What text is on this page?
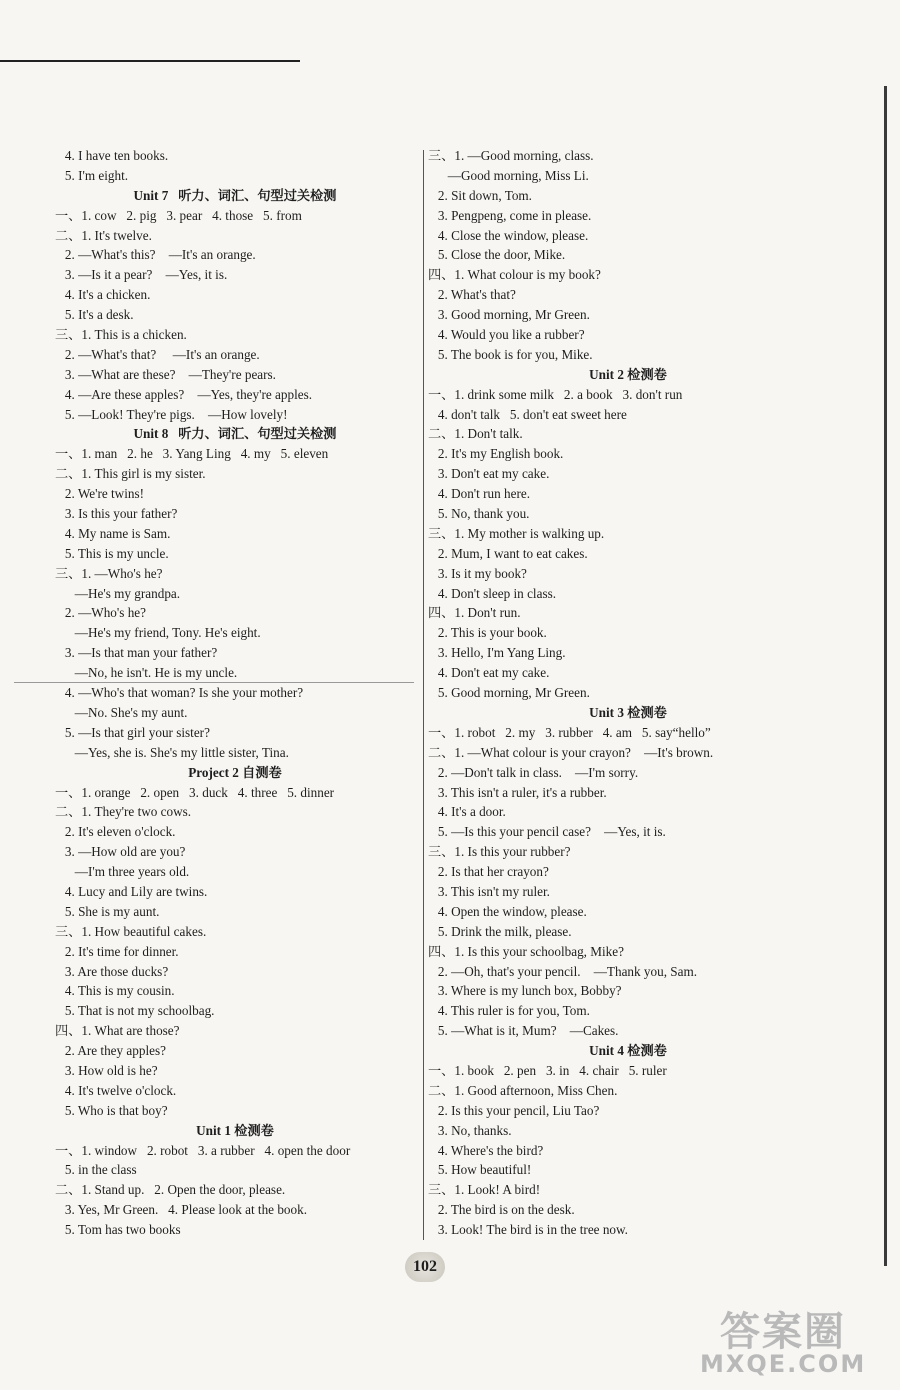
4. I have ten books.
5. I'm eight.
Unit 7   听力、词汇、句型过关检测
一、1. cow   2. pig   3. pear   4. those   5. from
二、1. It's twelve.
2. —What's this?    —It's an orange.
3. —Is it a pear?    —Yes, it is.
4. It's a chicken.
5. It's a desk.
三、1. This is a chicken.
2. —What's that?     —It's an orange.
3. —What are these?    —They're pears.
4. —Are these apples?    —Yes, they're apples.
5. —Look! They're pigs.    —How lovely!
Unit 8   听力、词汇、句型过关检测
一、1. man   2. he   3. Yang Ling   4. my   5. eleven
二、1. This girl is my sister.
2. We're twins!
3. Is this your father?
4. My name is Sam.
5. This is my uncle.
三、1. —Who's he?
—He's my grandpa.
2. —Who's he?
—He's my friend, Tony. He's eight.
3. —Is that man your father?
—No, he isn't. He is my uncle.
4. —Who's that woman? Is she your mother?
—No. She's my aunt.
5. —Is that girl your sister?
—Yes, she is. She's my little sister, Tina.
Project 2 自测卷
一、1. orange   2. open   3. duck   4. three   5. dinner
二、1. They're two cows.
2. It's eleven o'clock.
3. —How old are you?
—I'm three years old.
4. Lucy and Lily are twins.
5. She is my aunt.
三、1. How beautiful cakes.
2. It's time for dinner.
3. Are those ducks?
4. This is my cousin.
5. That is not my schoolbag.
四、1. What are those?
2. Are they apples?
3. How old is he?
4. It's twelve o'clock.
5. Who is that boy?
Unit 1 检测卷
一、1. window   2. robot   3. a rubber   4. open the door
5. in the class
二、1. Stand up.   2. Open the door, please.
3. Yes, Mr Green.   4. Please look at the book.
5. Tom has two books
三、1. —Good morning, class.
—Good morning, Miss Li.
2. Sit down, Tom.
3. Pengpeng, come in please.
4. Close the window, please.
5. Close the door, Mike.
四、1. What colour is my book?
2. What's that?
3. Good morning, Mr Green.
4. Would you like a rubber?
5. The book is for you, Mike.
Unit 2 检测卷
一、1. drink some milk   2. a book   3. don't run
4. don't talk   5. don't eat sweet here
二、1. Don't talk.
2. It's my English book.
3. Don't eat my cake.
4. Don't run here.
5. No, thank you.
三、1. My mother is walking up.
2. Mum, I want to eat cakes.
3. Is it my book?
4. Don't sleep in class.
四、1. Don't run.
2. This is your book.
3. Hello, I'm Yang Ling.
4. Don't eat my cake.
5. Good morning, Mr Green.
Unit 3 检测卷
一、1. robot   2. my   3. rubber   4. am   5. say“hello”
二、1. —What colour is your crayon?    —It's brown.
2. —Don't talk in class.    —I'm sorry.
3. This isn't a ruler, it's a rubber.
4. It's a door.
5. —Is this your pencil case?    —Yes, it is.
三、1. Is this your rubber?
2. Is that her crayon?
3. This isn't my ruler.
4. Open the window, please.
5. Drink the milk, please.
四、1. Is this your schoolbag, Mike?
2. —Oh, that's your pencil.    —Thank you, Sam.
3. Where is my lunch box, Bobby?
4. This ruler is for you, Tom.
5. —What is it, Mum?    —Cakes.
Unit 4 检测卷
一、1. book   2. pen   3. in   4. chair   5. ruler
二、1. Good afternoon, Miss Chen.
2. Is this your pencil, Liu Tao?
3. No, thanks.
4. Where's the bird?
5. How beautiful!
三、1. Look! A bird!
2. The bird is on the desk.
3. Look! The bird is in the tree now.
102
答案圈
MXQE.COM
